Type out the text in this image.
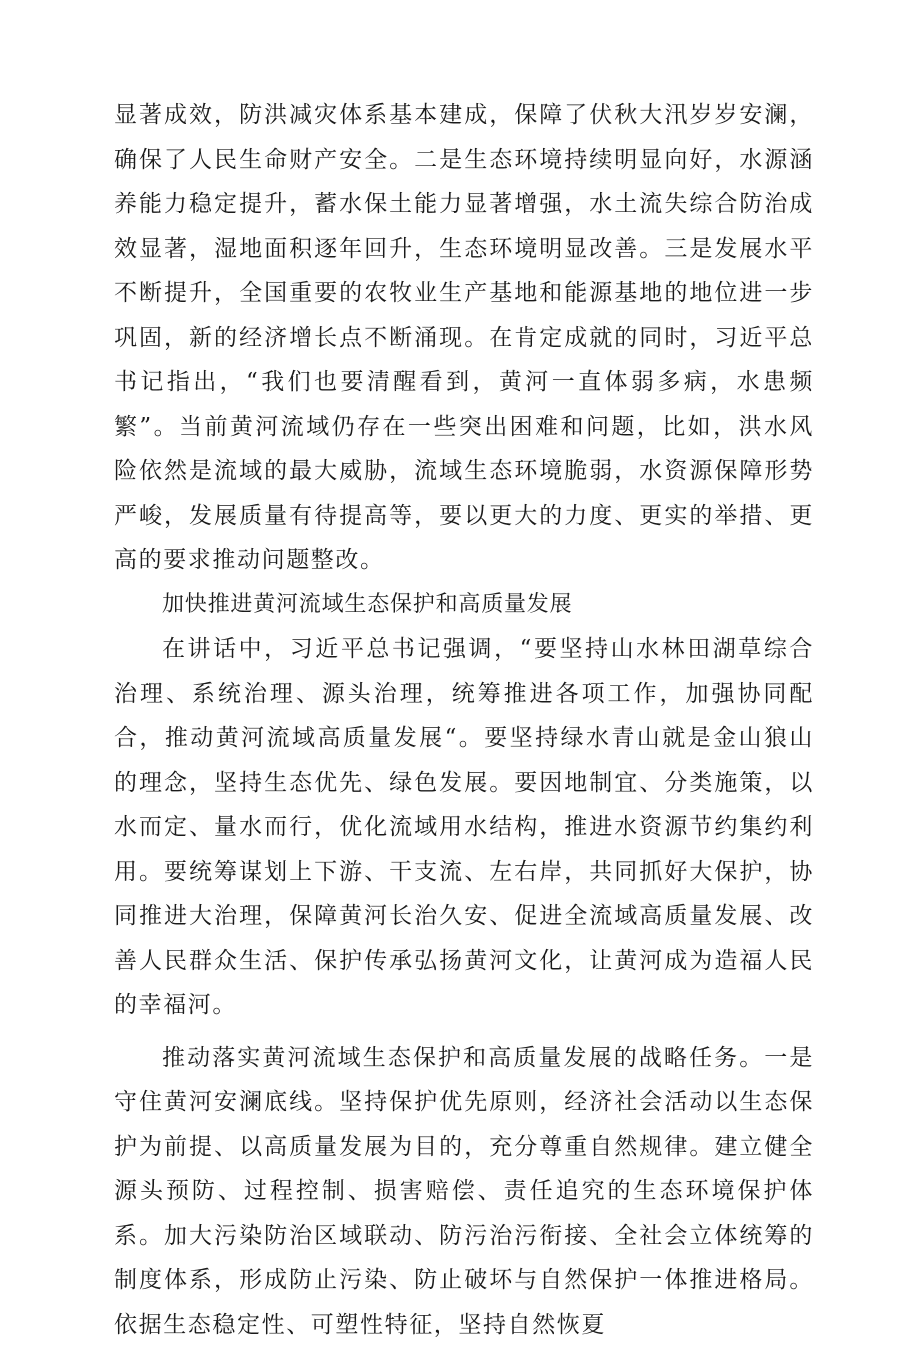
显著成效，防洪减灾体系基本建成，保障了伏秋大汛岁岁安澜，确保了人民生命财产安全。二是生态环境持续明显向好，水源涵养能力稳定提升，蓄水保土能力显著增强，水土流失综合防治成效显著，湿地面积逐年回升，生态环境明显改善。三是发展水平不断提升，全国重要的农牧业生产基地和能源基地的地位进一步巩固，新的经济增长点不断涌现。在肯定成就的同时，习近平总书记指出，“我们也要清醒看到，黄河一直体弱多病，水患频繁”。当前黄河流域仍存在一些突出困难和问题，比如，洪水风险依然是流域的最大威胁，流域生态环境脆弱，水资源保障形势严峻，发展质量有待提高等，要以更大的力度、更实的举措、更高的要求推动问题整改。

加快推进黄河流域生态保护和高质量发展

在讲话中，习近平总书记强调，“要坚持山水林田湖草综合治理、系统治理、源头治理，统筹推进各项工作，加强协同配合，推动黄河流域高质量发展“。要坚持绿水青山就是金山狼山的理念，坚持生态优先、绿色发展。要因地制宜、分类施策，以水而定、量水而行，优化流域用水结构，推进水资源节约集约利用。要统筹谋划上下游、干支流、左右岸，共同抓好大保护，协同推进大治理，保障黄河长治久安、促进全流域高质量发展、改善人民群众生活、保护传承弘扬黄河文化，让黄河成为造福人民的幸福河。

推动落实黄河流域生态保护和高质量发展的战略任务。一是守住黄河安澜底线。坚持保护优先原则，经济社会活动以生态保护为前提、以高质量发展为目的，充分尊重自然规律。建立健全源头预防、过程控制、损害赔偿、责任追究的生态环境保护体系。加大污染防治区域联动、防污治污衔接、全社会立体统筹的制度体系，形成防止污染、防止破坏与自然保护一体推进格局。依据生态稳定性、可塑性特征，坚持自然恢夏
